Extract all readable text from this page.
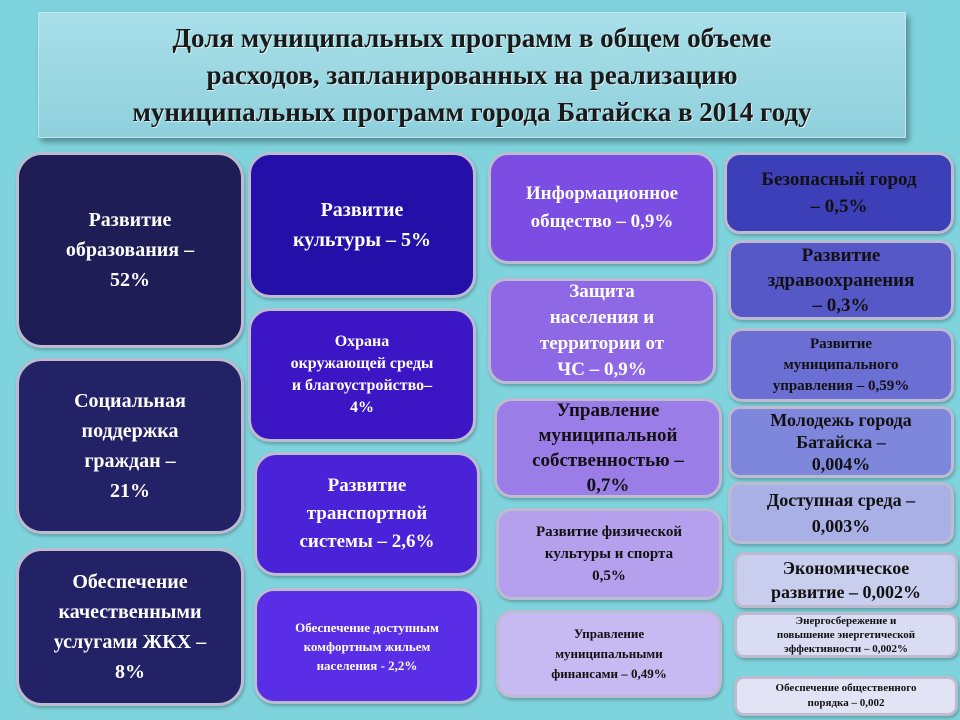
Доля муниципальных программ в общем объеме
расходов, запланированных на реализацию
муниципальных программ города Батайска в 2014 году
Развитие
образования –
52%
Социальная
поддержка
граждан –
21%
Обеспечение
качественными
услугами ЖКХ –
8%
Развитие
культуры – 5%
Охрана
окружающей среды
и благоустройство–
4%
Развитие
транспортной
системы – 2,6%
Обеспечение доступным
комфортным жильем
населения - 2,2%
Информационное
общество – 0,9%
Защита
населения и
территории от
ЧС – 0,9%
Управление
муниципальной
собственностью –
0,7%
Развитие физической
культуры и спорта
0,5%
Управление
муниципальными
финансами – 0,49%
Безопасный город
– 0,5%
Развитие
здравоохранения
– 0,3%
Развитие
муниципального
управления – 0,59%
Молодежь города
Батайска –
0,004%
Доступная среда –
0,003%
Экономическое
развитие – 0,002%
Энергосбережение и
повышение энергетической
эффективности – 0,002%
Обеспечение общественного
порядка – 0,002
